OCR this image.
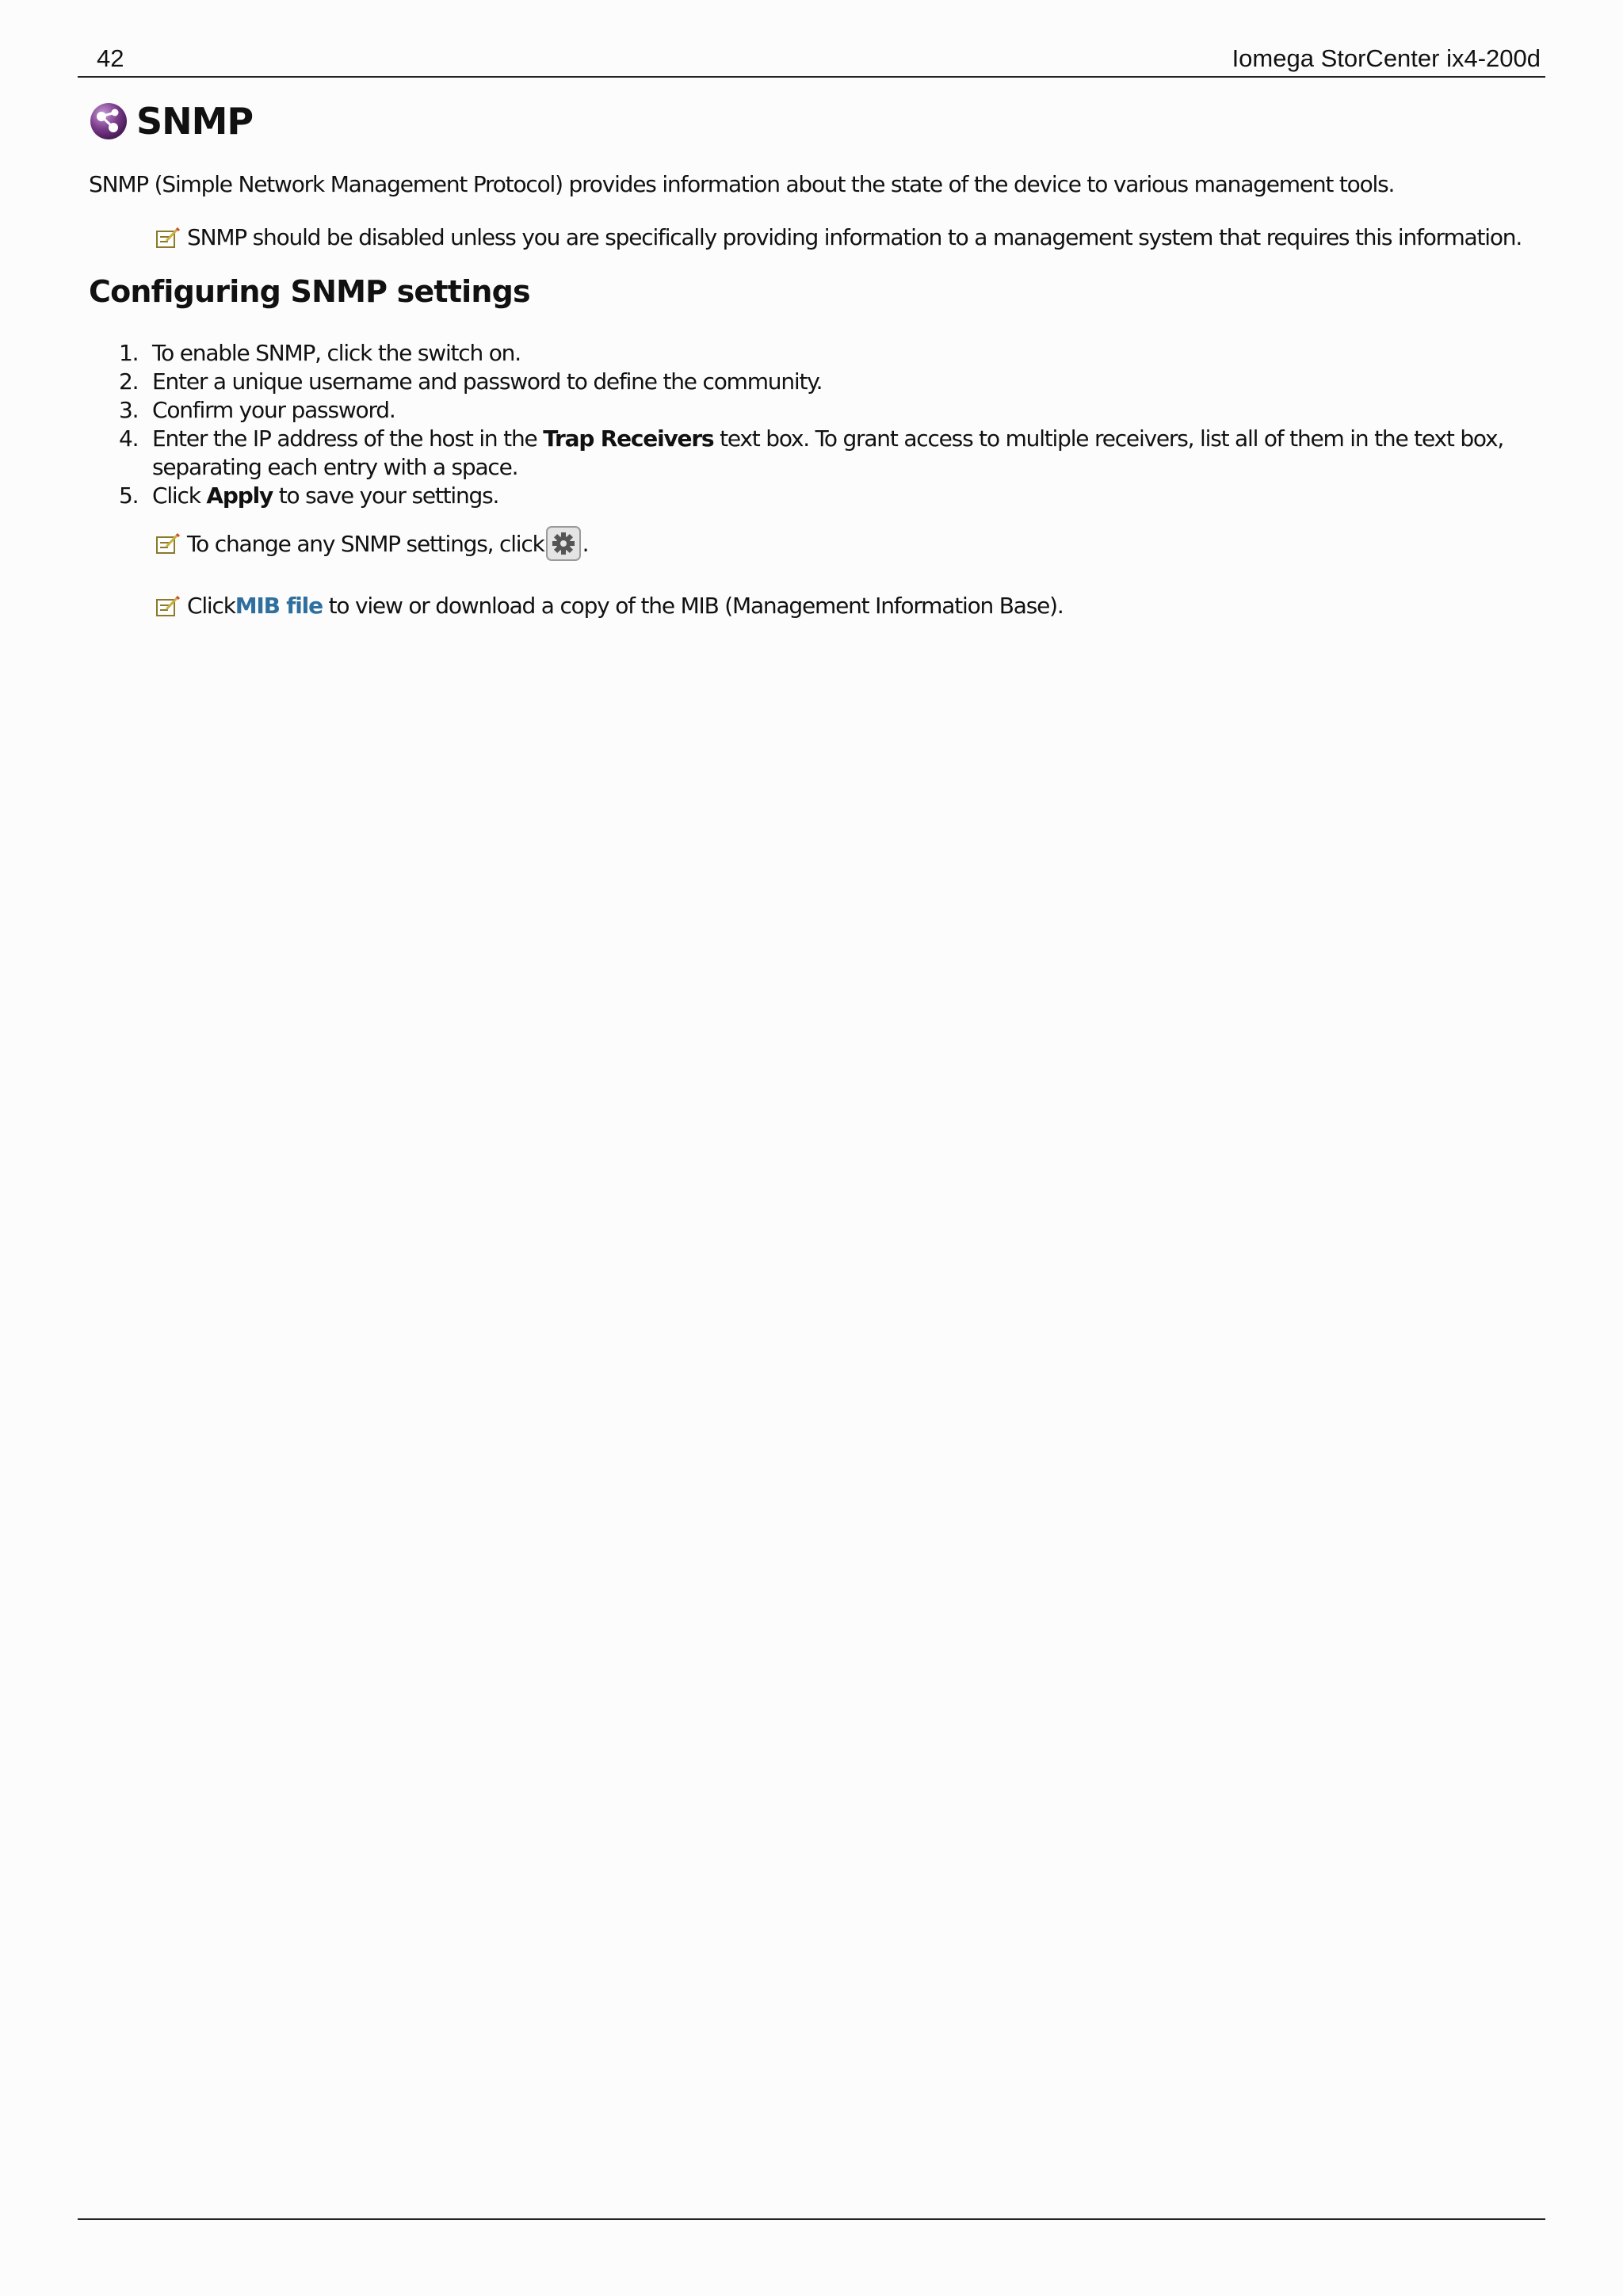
42	Iomega StorCenter ix4-200d
SNMP
SNMP (Simple Network Management Protocol) provides information about the state of the device to various management tools.
SNMP should be disabled unless you are specifically providing information to a management system that requires this information.
Configuring SNMP settings
1. To enable SNMP, click the switch on.
2. Enter a unique username and password to define the community.
3. Confirm your password.
4. Enter the IP address of the host in the Trap Receivers text box. To grant access to multiple receivers, list all of them in the text box, separating each entry with a space.
5. Click Apply to save your settings.
To change any SNMP settings, click .
Click MIB file to view or download a copy of the MIB (Management Information Base).
